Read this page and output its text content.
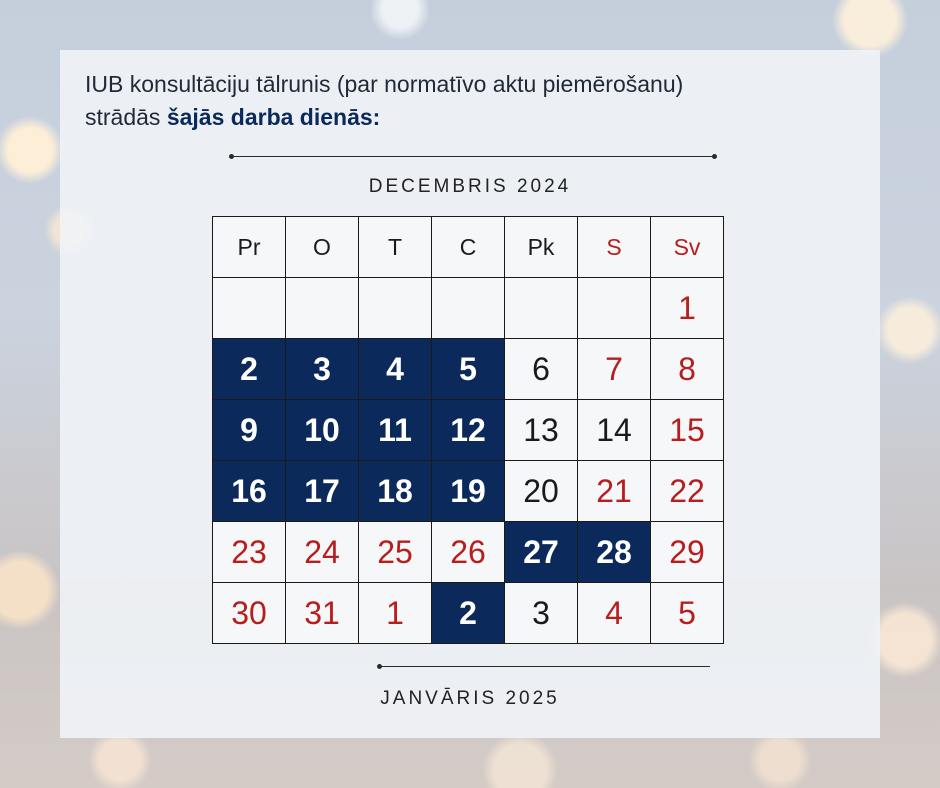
IUB konsultāciju tālrunis (par normatīvo aktu piemērošanu)
strādās šajās darba dienās:
DECEMBRIS 2024
Pr	O	T	C	Pk	S	Sv
						1
2	3	4	5	6	7	8
9	10	11	12	13	14	15
16	17	18	19	20	21	22
23	24	25	26	27	28	29
30	31	1	2	3	4	5
JANVĀRIS 2025
